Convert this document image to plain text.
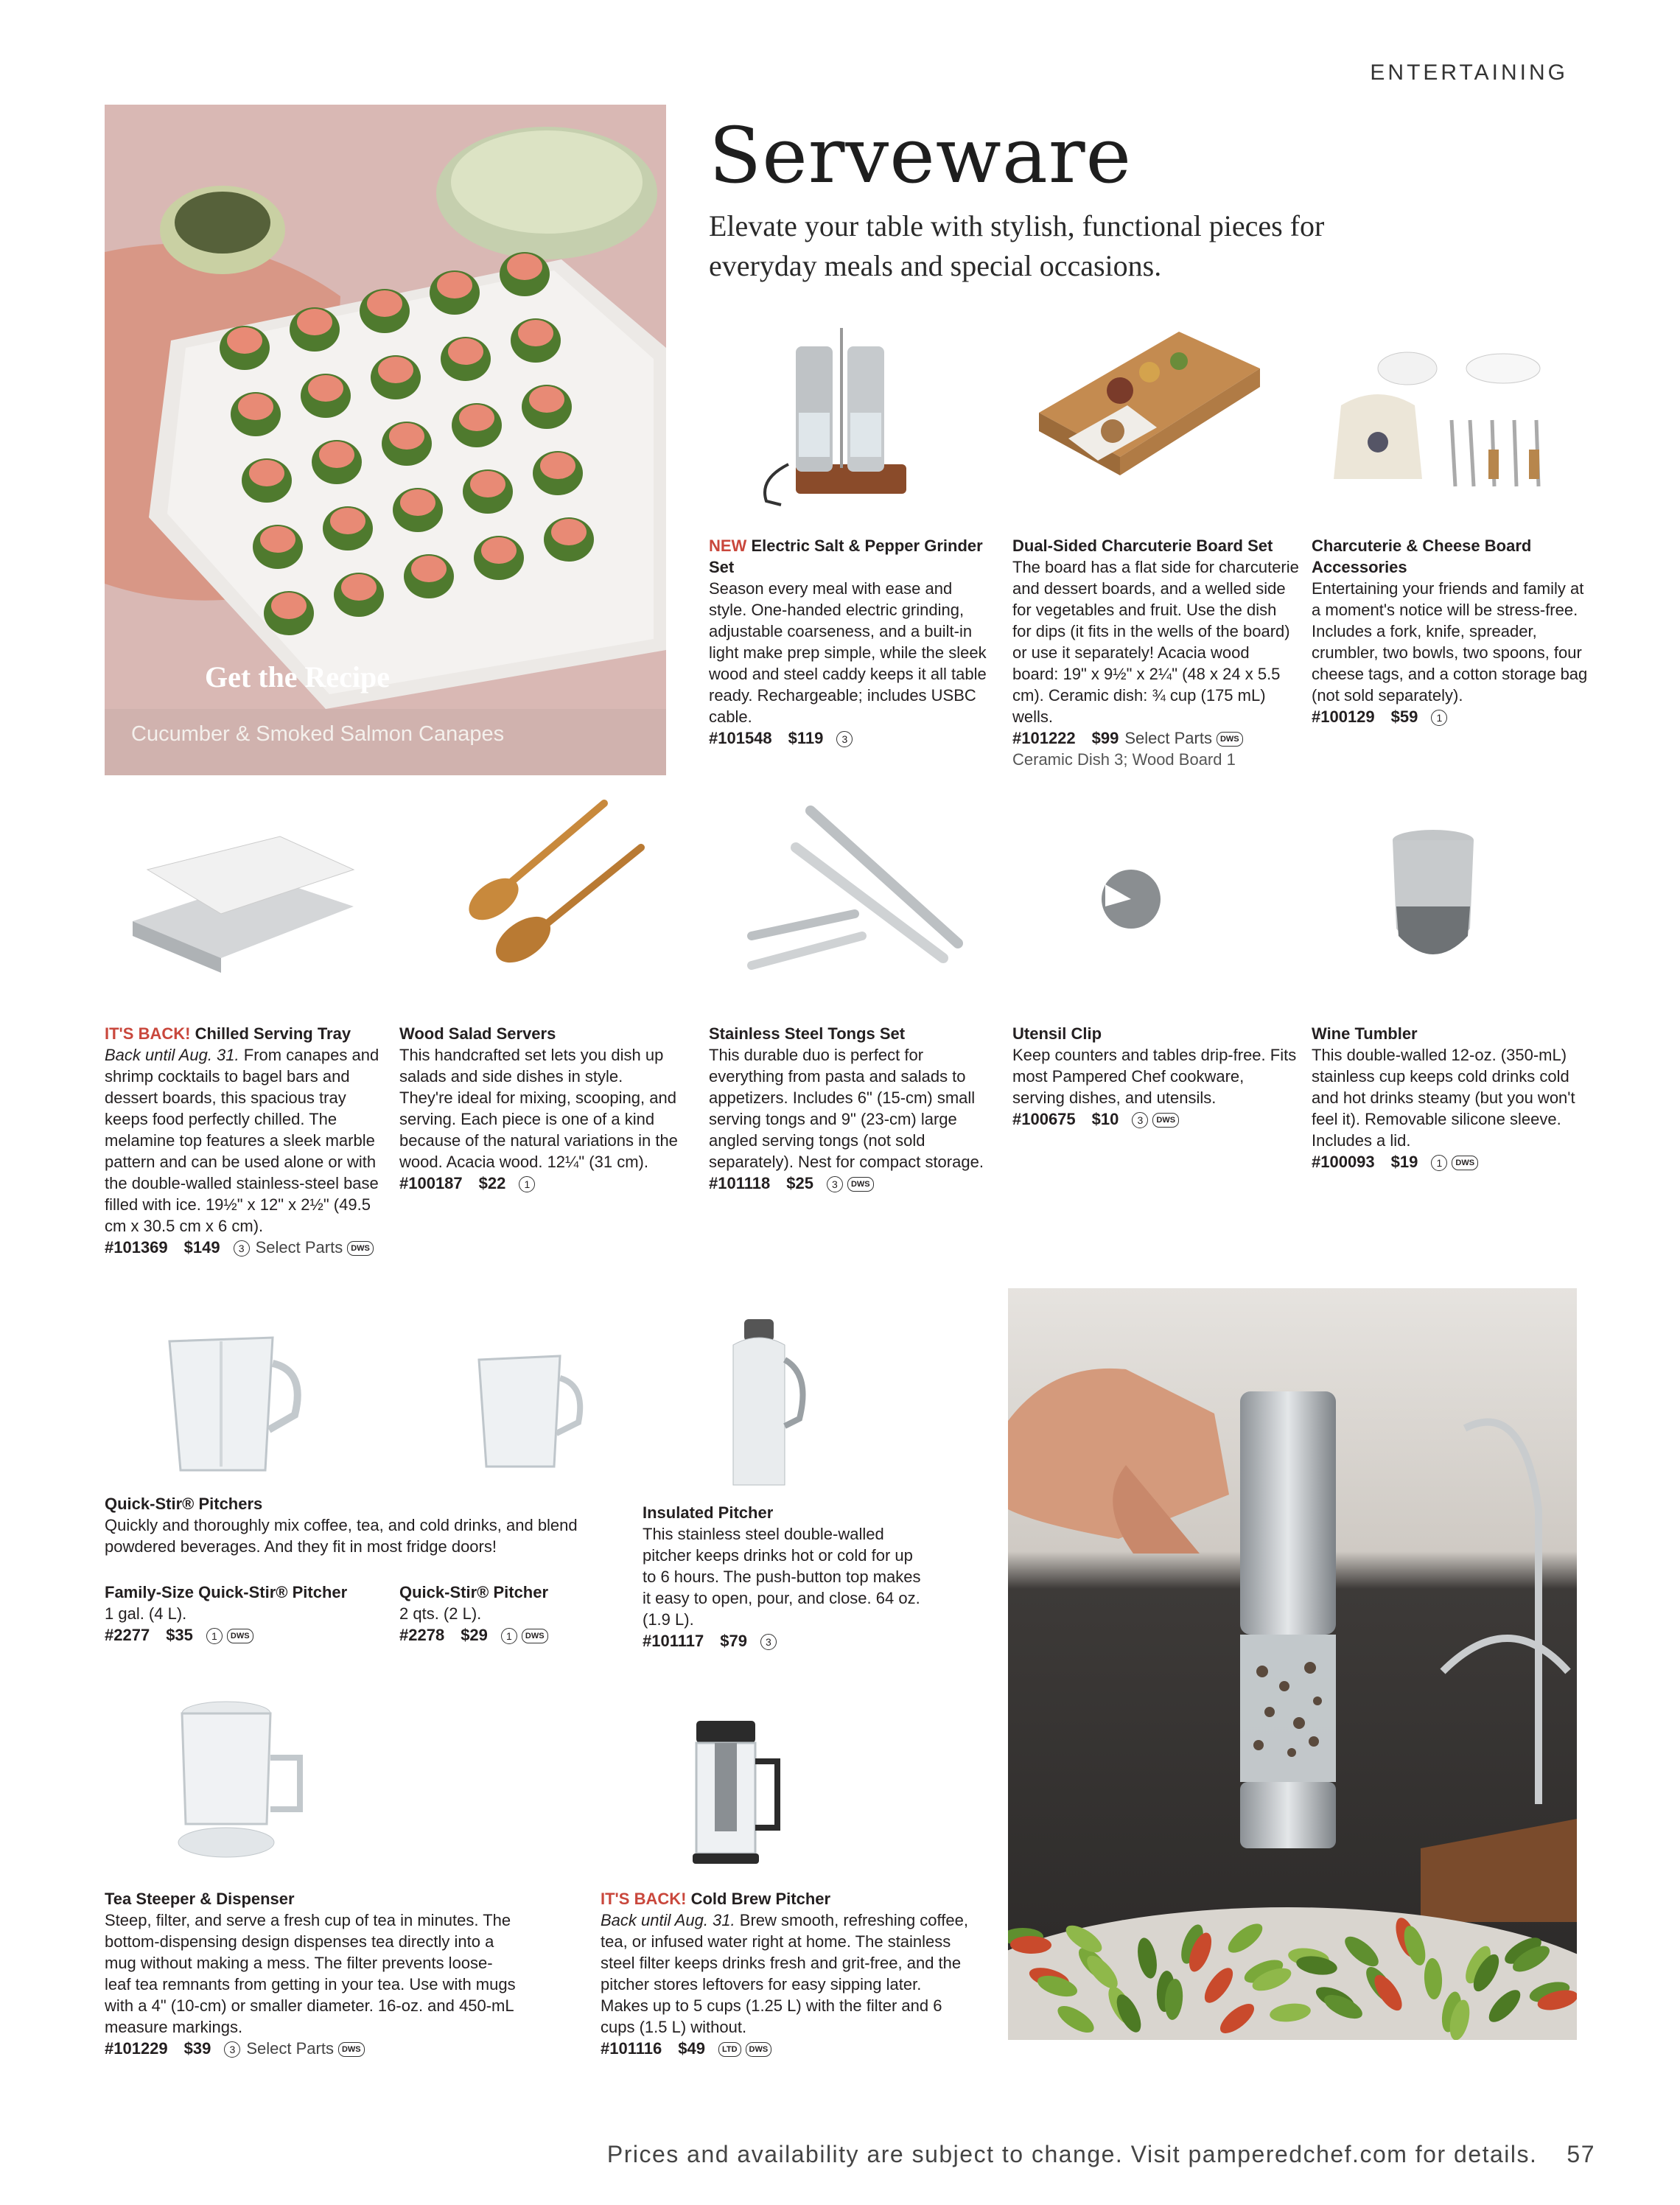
ENTERTAINING
Serveware
Elevate your table with stylish, functional pieces for everyday meals and special occasions.
Get the Recipe
Cucumber & Smoked Salmon Canapes
NEW Electric Salt & Pepper Grinder Set
Season every meal with ease and style. One-handed electric grinding, adjustable coarseness, and a built-in light make prep simple, while the sleek wood and steel caddy keeps it all table ready. Rechargeable; includes USBC cable.
#101548 $119 3
Dual-Sided Charcuterie Board Set
The board has a flat side for charcuterie and dessert boards, and a welled side for vegetables and fruit. Use the dish for dips (it fits in the wells of the board) or use it separately! Acacia wood board: 19" x 9½" x 2¼" (48 x 24 x 5.5 cm). Ceramic dish: ¾ cup (175 mL) wells.
#101222 $99 Select Parts DWS
Ceramic Dish 3; Wood Board 1
Charcuterie & Cheese Board Accessories
Entertaining your friends and family at a moment's notice will be stress-free. Includes a fork, knife, spreader, crumbler, two bowls, two spoons, four cheese tags, and a cotton storage bag (not sold separately).
#100129 $59 1
IT'S BACK! Chilled Serving Tray
Back until Aug. 31. From canapes and shrimp cocktails to bagel bars and dessert boards, this spacious tray keeps food perfectly chilled. The melamine top features a sleek marble pattern and can be used alone or with the double-walled stainless-steel base filled with ice. 19½" x 12" x 2½" (49.5 cm x 30.5 cm x 6 cm).
#101369 $149 3 Select Parts DWS
Wood Salad Servers
This handcrafted set lets you dish up salads and side dishes in style. They're ideal for mixing, scooping, and serving. Each piece is one of a kind because of the natural variations in the wood. Acacia wood. 12¼" (31 cm).
#100187 $22 1
Stainless Steel Tongs Set
This durable duo is perfect for everything from pasta and salads to appetizers. Includes 6" (15-cm) small serving tongs and 9" (23-cm) large angled serving tongs (not sold separately). Nest for compact storage.
#101118 $25 3 DWS
Utensil Clip
Keep counters and tables drip-free. Fits most Pampered Chef cookware, serving dishes, and utensils.
#100675 $10 3 DWS
Wine Tumbler
This double-walled 12-oz. (350-mL) stainless cup keeps cold drinks cold and hot drinks steamy (but you won't feel it). Removable silicone sleeve. Includes a lid.
#100093 $19 1 DWS
Quick-Stir® Pitchers
Quickly and thoroughly mix coffee, tea, and cold drinks, and blend powdered beverages. And they fit in most fridge doors!
Family-Size Quick-Stir® Pitcher
1 gal. (4 L).
#2277 $35 1 DWS
Quick-Stir® Pitcher
2 qts. (2 L).
#2278 $29 1 DWS
Insulated Pitcher
This stainless steel double-walled pitcher keeps drinks hot or cold for up to 6 hours. The push-button top makes it easy to open, pour, and close. 64 oz. (1.9 L).
#101117 $79 3
Tea Steeper & Dispenser
Steep, filter, and serve a fresh cup of tea in minutes. The bottom-dispensing design dispenses tea directly into a mug without making a mess. The filter prevents loose-leaf tea remnants from getting in your tea. Use with mugs with a 4" (10-cm) or smaller diameter. 16-oz. and 450-mL measure markings.
#101229 $39 3 Select Parts DWS
IT'S BACK! Cold Brew Pitcher
Back until Aug. 31. Brew smooth, refreshing coffee, tea, or infused water right at home. The stainless steel filter keeps drinks fresh and grit-free, and the pitcher stores leftovers for easy sipping later. Makes up to 5 cups (1.25 L) with the filter and 6 cups (1.5 L) without.
#101116 $49 LTD DWS
Prices and availability are subject to change. Visit pamperedchef.com for details. 57
